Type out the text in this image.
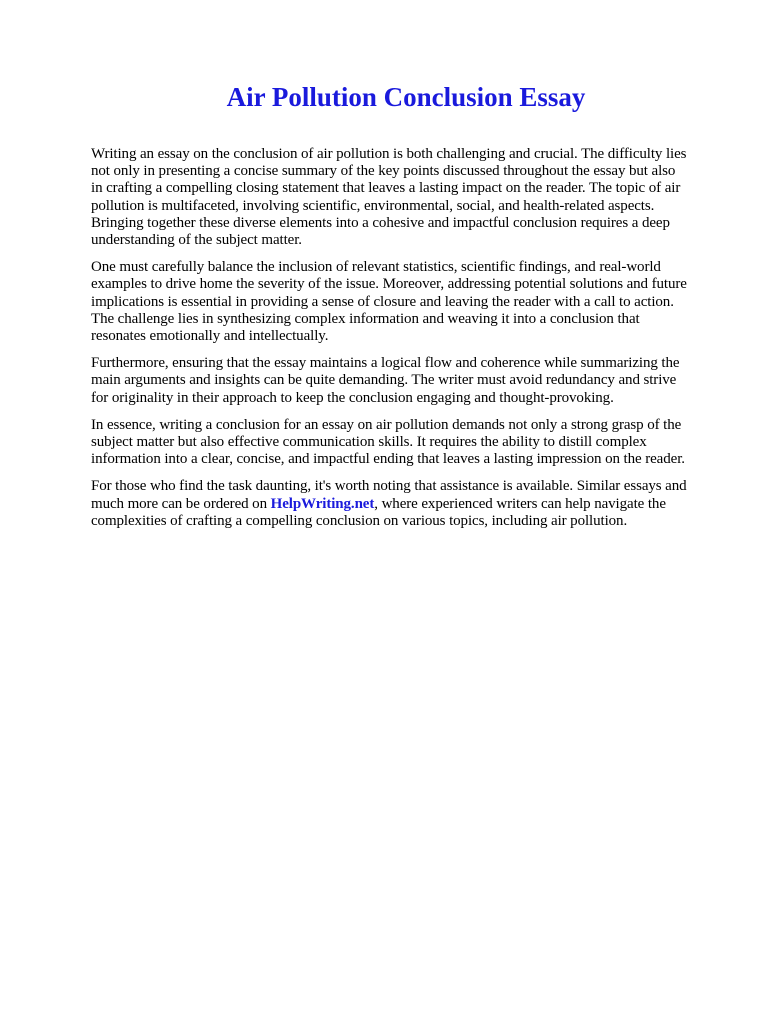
Air Pollution Conclusion Essay

Writing an essay on the conclusion of air pollution is both challenging and crucial. The difficulty lies
not only in presenting a concise summary of the key points discussed throughout the essay but also
in crafting a compelling closing statement that leaves a lasting impact on the reader. The topic of air
pollution is multifaceted, involving scientific, environmental, social, and health-related aspects.
Bringing together these diverse elements into a cohesive and impactful conclusion requires a deep
understanding of the subject matter.

One must carefully balance the inclusion of relevant statistics, scientific findings, and real-world
examples to drive home the severity of the issue. Moreover, addressing potential solutions and future
implications is essential in providing a sense of closure and leaving the reader with a call to action.
The challenge lies in synthesizing complex information and weaving it into a conclusion that
resonates emotionally and intellectually.

Furthermore, ensuring that the essay maintains a logical flow and coherence while summarizing the
main arguments and insights can be quite demanding. The writer must avoid redundancy and strive
for originality in their approach to keep the conclusion engaging and thought-provoking.

In essence, writing a conclusion for an essay on air pollution demands not only a strong grasp of the
subject matter but also effective communication skills. It requires the ability to distill complex
information into a clear, concise, and impactful ending that leaves a lasting impression on the reader.

For those who find the task daunting, it's worth noting that assistance is available. Similar essays and
much more can be ordered on HelpWriting.net, where experienced writers can help navigate the
complexities of crafting a compelling conclusion on various topics, including air pollution.
